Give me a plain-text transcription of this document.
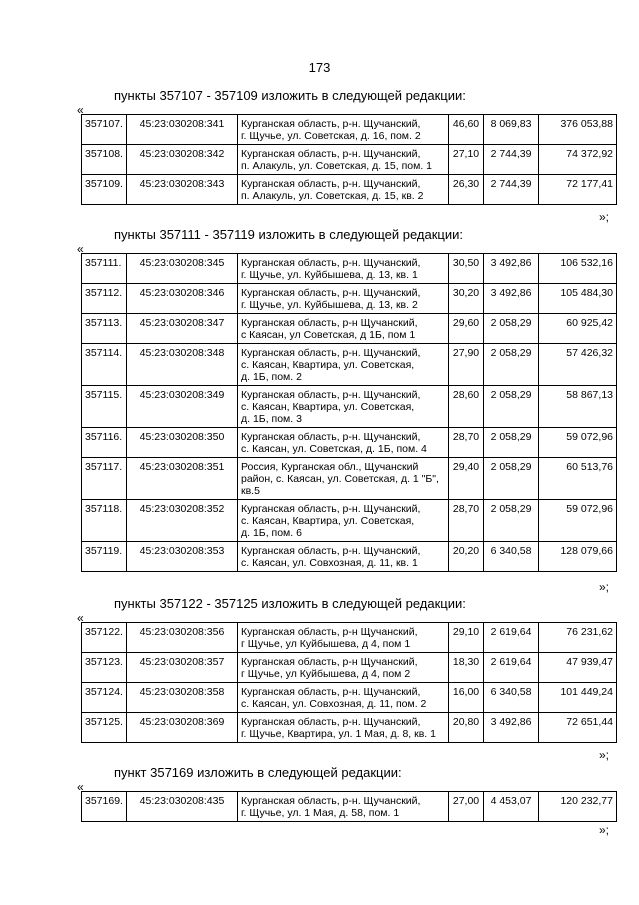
173
пункты 357107 - 357109 изложить в следующей редакции:
«
357107.	45:23:030208:341	Курганская область, р-н. Щучанский,
г. Щучье, ул. Советская, д. 16, пом. 2	46,60	8 069,83	376 053,88
357108.	45:23:030208:342	Курганская область, р-н. Щучанский,
п. Алакуль, ул. Советская, д. 15, пом. 1	27,10	2 744,39	74 372,92
357109.	45:23:030208:343	Курганская область, р-н. Щучанский,
п. Алакуль, ул. Советская, д. 15, кв. 2	26,30	2 744,39	72 177,41
»;
пункты 357111 - 357119 изложить в следующей редакции:
«
357111.	45:23:030208:345	Курганская область, р-н. Щучанский,
г. Щучье, ул. Куйбышева, д. 13, кв. 1	30,50	3 492,86	106 532,16
357112.	45:23:030208:346	Курганская область, р-н. Щучанский,
г. Щучье, ул. Куйбышева, д. 13, кв. 2	30,20	3 492,86	105 484,30
357113.	45:23:030208:347	Курганская область, р-н Щучанский,
с Каясан, ул Советская, д 1Б, пом 1	29,60	2 058,29	60 925,42
357114.	45:23:030208:348	Курганская область, р-н. Щучанский,
с. Каясан, Квартира, ул. Советская,
д. 1Б, пом. 2	27,90	2 058,29	57 426,32
357115.	45:23:030208:349	Курганская область, р-н. Щучанский,
с. Каясан, Квартира, ул. Советская,
д. 1Б, пом. 3	28,60	2 058,29	58 867,13
357116.	45:23:030208:350	Курганская область, р-н. Щучанский,
с. Каясан, ул. Советская, д. 1Б, пом. 4	28,70	2 058,29	59 072,96
357117.	45:23:030208:351	Россия, Курганская обл., Щучанский
район, с. Каясан, ул. Советская, д. 1 "Б",
кв.5	29,40	2 058,29	60 513,76
357118.	45:23:030208:352	Курганская область, р-н. Щучанский,
с. Каясан, Квартира, ул. Советская,
д. 1Б, пом. 6	28,70	2 058,29	59 072,96
357119.	45:23:030208:353	Курганская область, р-н. Щучанский,
с. Каясан, ул. Совхозная, д. 11, кв. 1	20,20	6 340,58	128 079,66
»;
пункты 357122 - 357125 изложить в следующей редакции:
«
357122.	45:23:030208:356	Курганская область, р-н Щучанский,
г Щучье, ул Куйбышева, д 4, пом 1	29,10	2 619,64	76 231,62
357123.	45:23:030208:357	Курганская область, р-н Щучанский,
г Щучье, ул Куйбышева, д 4, пом 2	18,30	2 619,64	47 939,47
357124.	45:23:030208:358	Курганская область, р-н. Щучанский,
с. Каясан, ул. Совхозная, д. 11, пом. 2	16,00	6 340,58	101 449,24
357125.	45:23:030208:369	Курганская область, р-н. Щучанский,
г. Щучье, Квартира, ул. 1 Мая, д. 8, кв. 1	20,80	3 492,86	72 651,44
»;
пункт 357169 изложить в следующей редакции:
«
357169.	45:23:030208:435	Курганская область, р-н. Щучанский,
г. Щучье, ул. 1 Мая, д. 58, пом. 1	27,00	4 453,07	120 232,77
»;
